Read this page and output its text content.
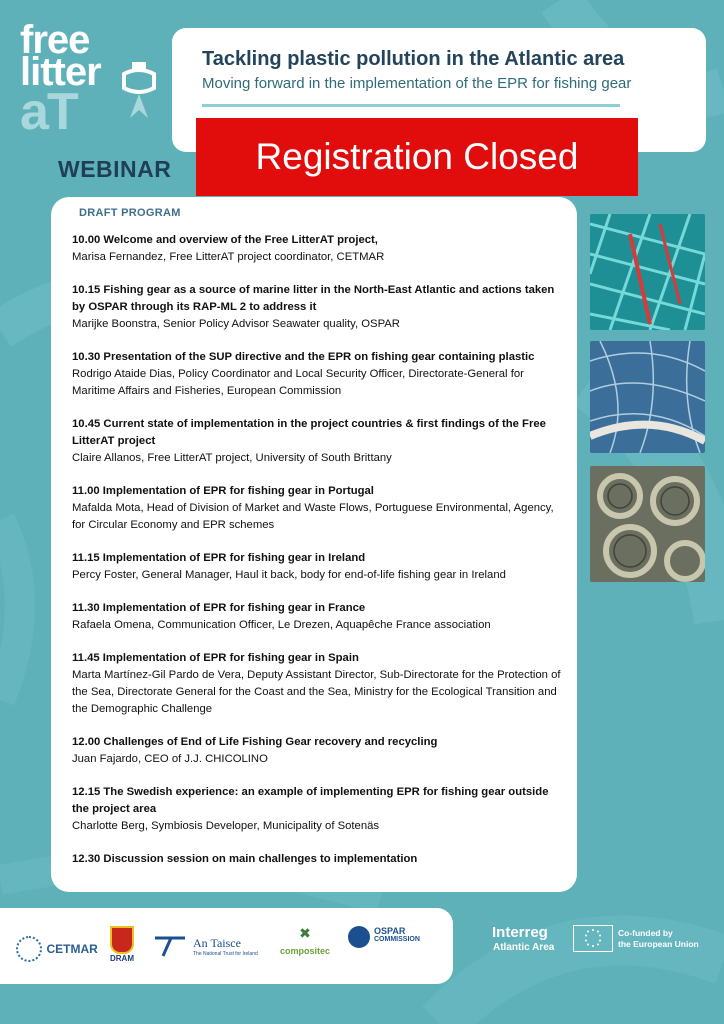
free
litter
aT
WEBINAR
Tackling plastic pollution in the Atlantic area
Moving forward in the implementation of the EPR for fishing gear
Registration Closed
DRAFT PROGRAM
10.00 Welcome and overview of the Free LitterAT project,
Marisa Fernandez, Free LitterAT project coordinator, CETMAR
10.15 Fishing gear as a source of marine litter in the North-East Atlantic and actions taken by OSPAR through its RAP-ML 2 to address it
Marijke Boonstra, Senior Policy Advisor Seawater quality, OSPAR
10.30 Presentation of the SUP directive and the EPR on fishing gear containing plastic
Rodrigo Ataide Dias, Policy Coordinator and Local Security Officer, Directorate-General for Maritime Affairs and Fisheries, European Commission
10.45 Current state of implementation in the project countries & first findings of the Free LitterAT project
Claire Allanos, Free LitterAT project, University of South Brittany
11.00 Implementation of EPR for fishing gear in Portugal
Mafalda Mota, Head of Division of Market and Waste Flows, Portuguese Environmental, Agency, for Circular Economy and EPR schemes
11.15 Implementation of EPR for fishing gear in Ireland
Percy Foster, General Manager, Haul it back, body for end-of-life fishing gear in Ireland
11.30 Implementation of EPR for fishing gear in France
Rafaela Omena, Communication Officer, Le Drezen, Aquapêche France association
11.45 Implementation of EPR for fishing gear in Spain
Marta Martínez-Gil Pardo de Vera, Deputy Assistant Director, Sub-Directorate for the Protection of the Sea, Directorate General for the Coast and the Sea, Ministry for the Ecological Transition and the Demographic Challenge
12.00 Challenges of End of Life Fishing Gear recovery and recycling
Juan Fajardo, CEO of J.J. CHICOLINO
12.15 The Swedish experience: an example of implementing EPR for fishing gear outside the project area
Charlotte Berg, Symbiosis Developer, Municipality of Sotenäs
12.30 Discussion session on main challenges to implementation
CETMAR
DRAM
An Taisce
The National Trust for Ireland
✖
compositec
OSPAR
COMMISSION	Interreg
Atlantic Area
Co-funded by
the European Union
